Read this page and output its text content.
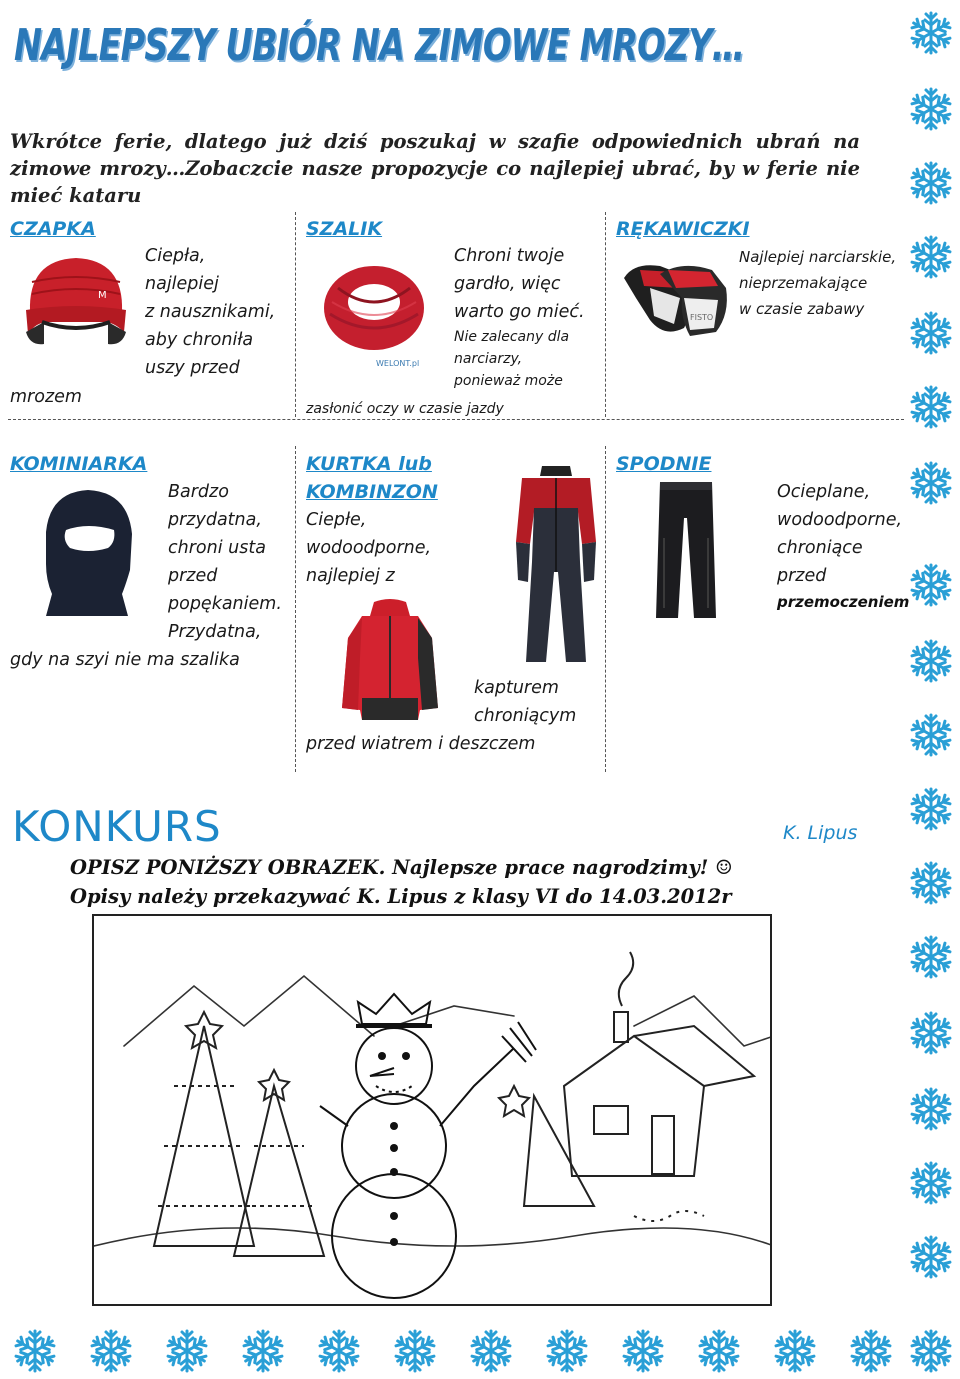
NAJLEPSZY UBIÓR NA ZIMOWE MROZY…
Wkrótce ferie, dlatego już dziś poszukaj w szafie odpowiednich ubrań na zimowe mrozy…Zobaczcie nasze propozycje co najlepiej ubrać, by w ferie nie mieć kataru
CZAPKA
M
Ciepła,
najlepiej
z nausznikami,
aby chroniła
uszy przed
mrozem
SZALIK
WELONT.pl
Chroni twoje
gardło, więc
warto go mieć.
Nie zalecany dla
narciarzy,
ponieważ może
zasłonić oczy w czasie jazdy
RĘKAWICZKI
FISTO
Najlepiej narciarskie,
nieprzemakające
w czasie zabawy
KOMINIARKA
✦
Bardzo
przydatna,
chroni usta
przed
popękaniem.
Przydatna,
gdy na szyi nie ma szalika
KURTKA lub
KOMBINZON
Ciepłe,
wodoodporne,
najlepiej z
kapturem
chroniącym
przed wiatrem i deszczem
SPODNIE
Ocieplane,
wodoodporne,
chroniące
przed
przemoczeniem
KONKURS	K. Lipus
OPISZ PONIŻSZY OBRAZEK. Najlepsze prace nagrodzimy! ☺
Opisy należy przekazywać K. Lipus z klasy VI do 14.03.2012r
